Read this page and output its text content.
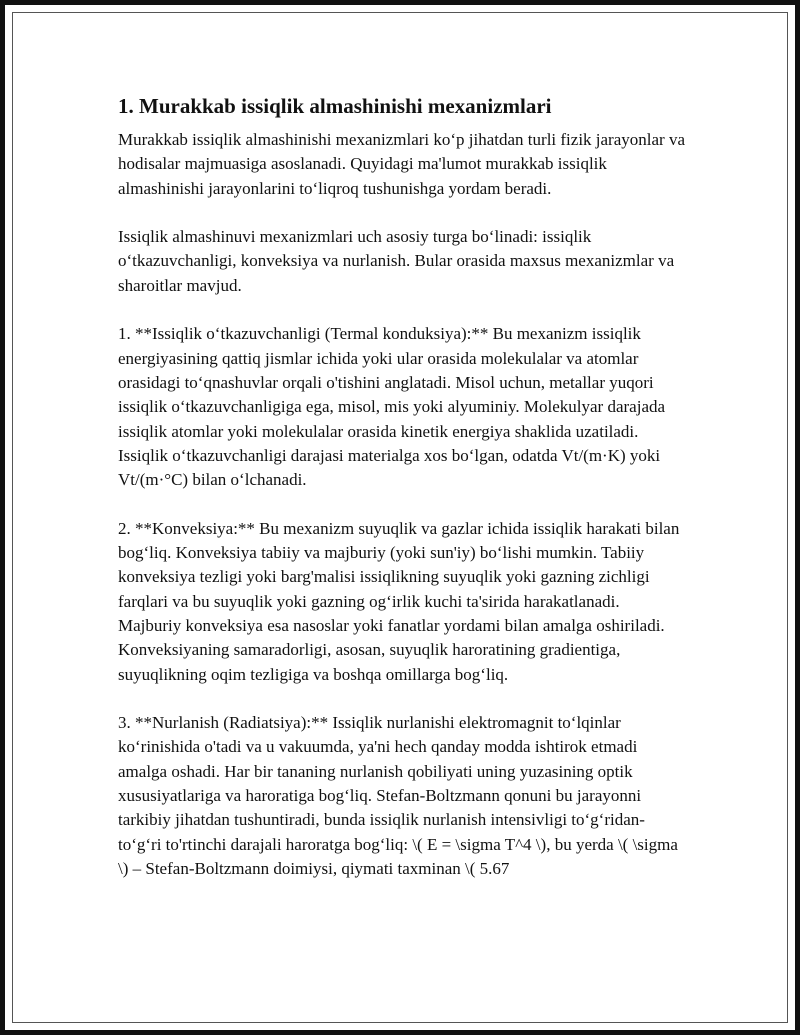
1. Murakkab issiqlik almashinishi mexanizmlari

Murakkab issiqlik almashinishi mexanizmlari ko‘p jihatdan turli fizik jarayonlar va hodisalar majmuasiga asoslanadi. Quyidagi ma'lumot murakkab issiqlik almashinishi jarayonlarini to‘liqroq tushunishga yordam beradi.

Issiqlik almashinuvi mexanizmlari uch asosiy turga bo‘linadi: issiqlik o‘tkazuvchanligi, konveksiya va nurlanish. Bular orasida maxsus mexanizmlar va sharoitlar mavjud.

1. **Issiqlik o‘tkazuvchanligi (Termal konduksiya):** Bu mexanizm issiqlik energiyasining qattiq jismlar ichida yoki ular orasida molekulalar va atomlar orasidagi to‘qnashuvlar orqali o'tishini anglatadi. Misol uchun, metallar yuqori issiqlik o‘tkazuvchanligiga ega, misol, mis yoki alyuminiy. Molekulyar darajada issiqlik atomlar yoki molekulalar orasida kinetik energiya shaklida uzatiladi. Issiqlik o‘tkazuvchanligi darajasi materialga xos bo‘lgan, odatda Vt/(m·K) yoki Vt/(m·°C) bilan o‘lchanadi.

2. **Konveksiya:** Bu mexanizm suyuqlik va gazlar ichida issiqlik harakati bilan bog‘liq. Konveksiya tabiiy va majburiy (yoki sun'iy) bo‘lishi mumkin. Tabiiy konveksiya tezligi yoki barg'malisi issiqlikning suyuqlik yoki gazning zichligi farqlari va bu suyuqlik yoki gazning og‘irlik kuchi ta'sirida harakatlanadi. Majburiy konveksiya esa nasoslar yoki fanatlar yordami bilan amalga oshiriladi. Konveksiyaning samaradorligi, asosan, suyuqlik haroratining gradientiga, suyuqlikning oqim tezligiga va boshqa omillarga bog‘liq.

3. **Nurlanish (Radiatsiya):** Issiqlik nurlanishi elektromagnit to‘lqinlar ko‘rinishida o'tadi va u vakuumda, ya'ni hech qanday modda ishtirok etmadi amalga oshadi. Har bir tananing nurlanish qobiliyati uning yuzasining optik xususiyatlariga va haroratiga bog‘liq. Stefan-Boltzmann qonuni bu jarayonni tarkibiy jihatdan tushuntiradi, bunda issiqlik nurlanish intensivligi to‘g‘ridan-to‘g‘ri to'rtinchi darajali haroratga bog‘liq: \( E = \sigma T^4 \), bu yerda \( \sigma \) – Stefan-Boltzmann doimiysi, qiymati taxminan \( 5.67
